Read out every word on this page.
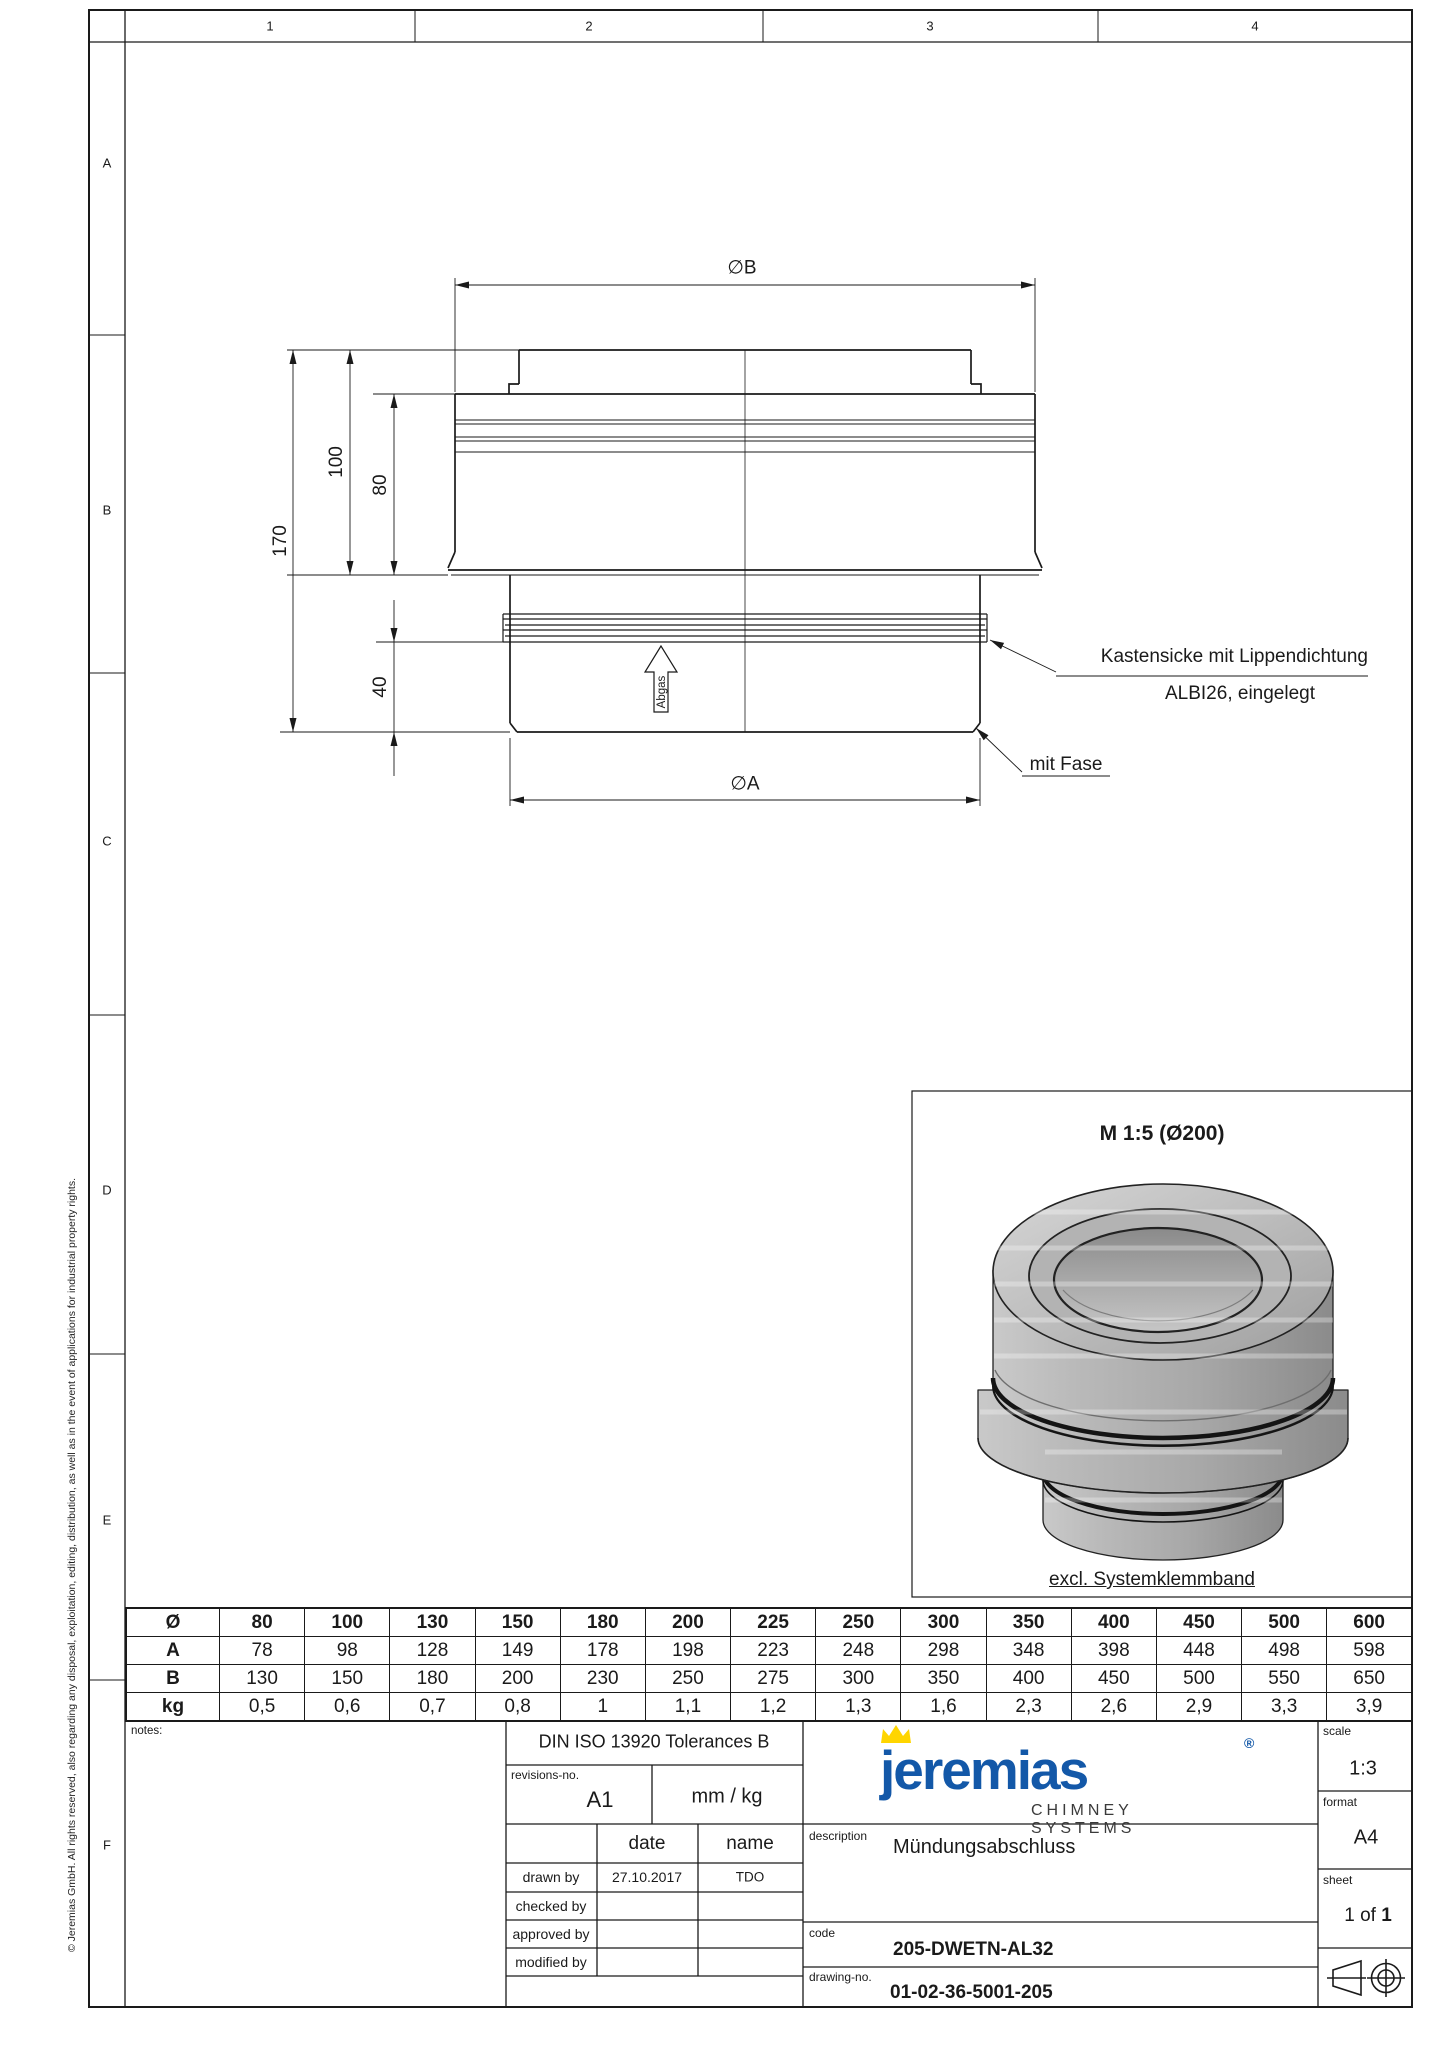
Abgas
1	2	3	4
A
B
C
D
E
F
© Jeremias GmbH. All rights reserved, also regarding any disposal, exploitation, editing, distribution, as well as in the event of applications for industrial property rights.
∅B
∅A
170
100
80
40
Kastensicke mit Lippendichtung
ALBI26, eingelegt
mit Fase
M 1:5 (Ø200)
excl. Systemklemmband
Ø	80	100	130	150	180	200	225	250	300	350	400	450	500	600
A	78	98	128	149	178	198	223	248	298	348	398	448	498	598
B	130	150	180	200	230	250	275	300	350	400	450	500	550	650
kg	0,5	0,6	0,7	0,8	1	1,1	1,2	1,3	1,6	2,3	2,6	2,9	3,3	3,9
notes:
DIN ISO 13920 Tolerances B
revisions-no.
A1	mm / kg
date	name
drawn by 27.10.2017	TDO
checked by
approved by
modified by
jeremias	®
CHIMNEY SYSTEMS
description Mündungsabschluss
code
205-DWETN-AL32
drawing-no.
01-02-36-5001-205
scale
1:3
format
A4
sheet
1 of 1
